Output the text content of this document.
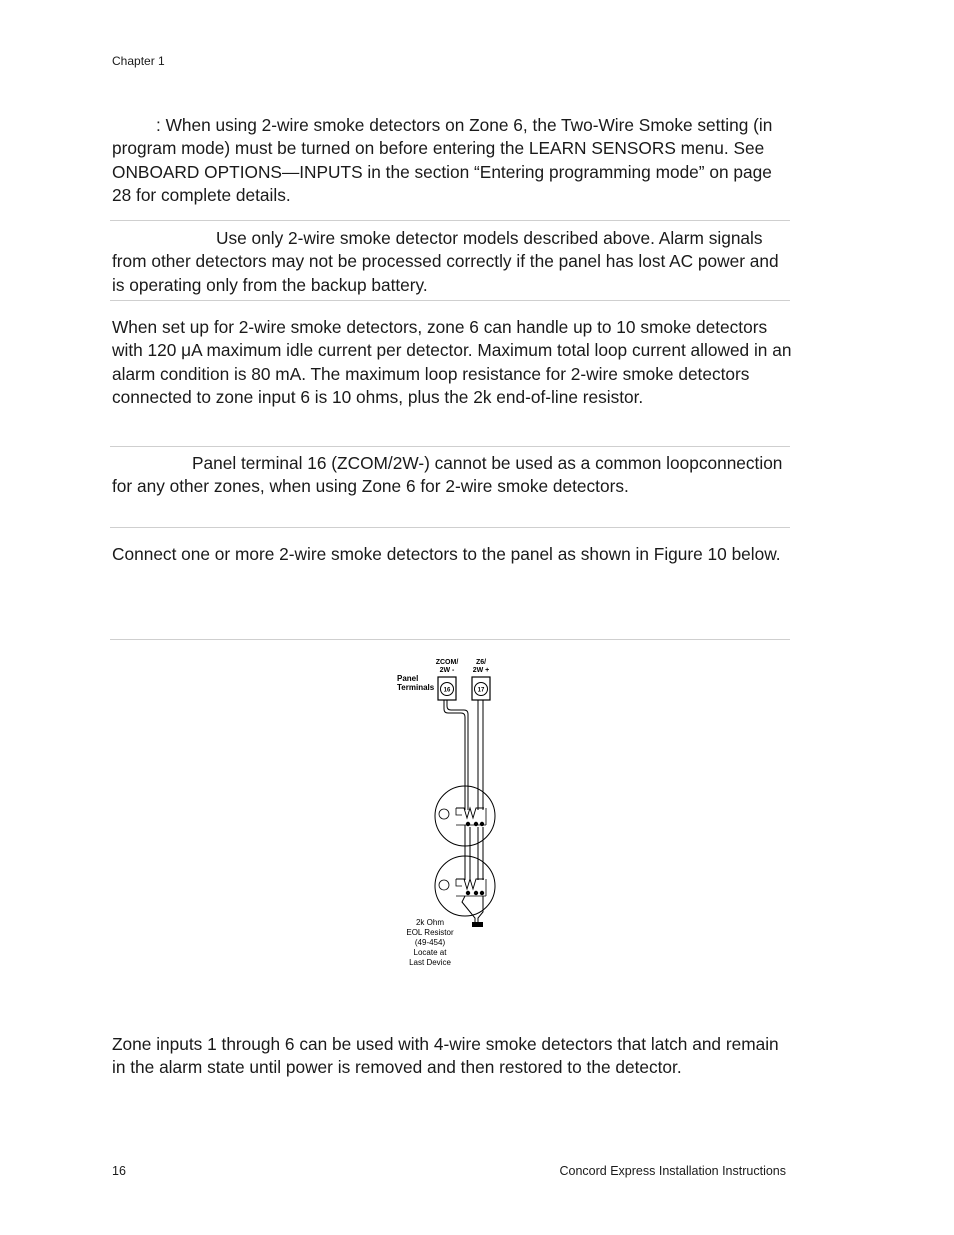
Chapter 1

: When using 2-wire smoke detectors on Zone 6, the Two-Wire Smoke setting (in program mode) must be turned on before entering the LEARN SENSORS menu. See ONBOARD OPTIONS—INPUTS in the section “Entering programming mode” on page 28 for complete details.

Use only 2-wire smoke detector models described above. Alarm signals from other detectors may not be processed correctly if the panel has lost AC power and is operating only from the backup battery.

When set up for 2-wire smoke detectors, zone 6 can handle up to 10 smoke detectors with 120 μA maximum idle current per detector. Maximum total loop current allowed in an alarm condition is 80 mA. The maximum loop resistance for 2-wire smoke detectors connected to zone input 6 is 10 ohms, plus the 2k end-of-line resistor.

Panel terminal 16 (ZCOM/2W-) cannot be used as a common loopconnection for any other zones, when using Zone 6 for 2-wire smoke detectors.

Connect one or more 2-wire smoke detectors to the panel as shown in Figure 10 below.

ZCOM/
2W -
Z6/
2W +
Panel
Terminals 16	17
2k Ohm
EOL Resistor
(49-454)
Locate at
Last Device

Zone inputs 1 through 6 can be used with 4-wire smoke detectors that latch and remain in the alarm state until power is removed and then restored to the detector.

16	Concord Express Installation Instructions
